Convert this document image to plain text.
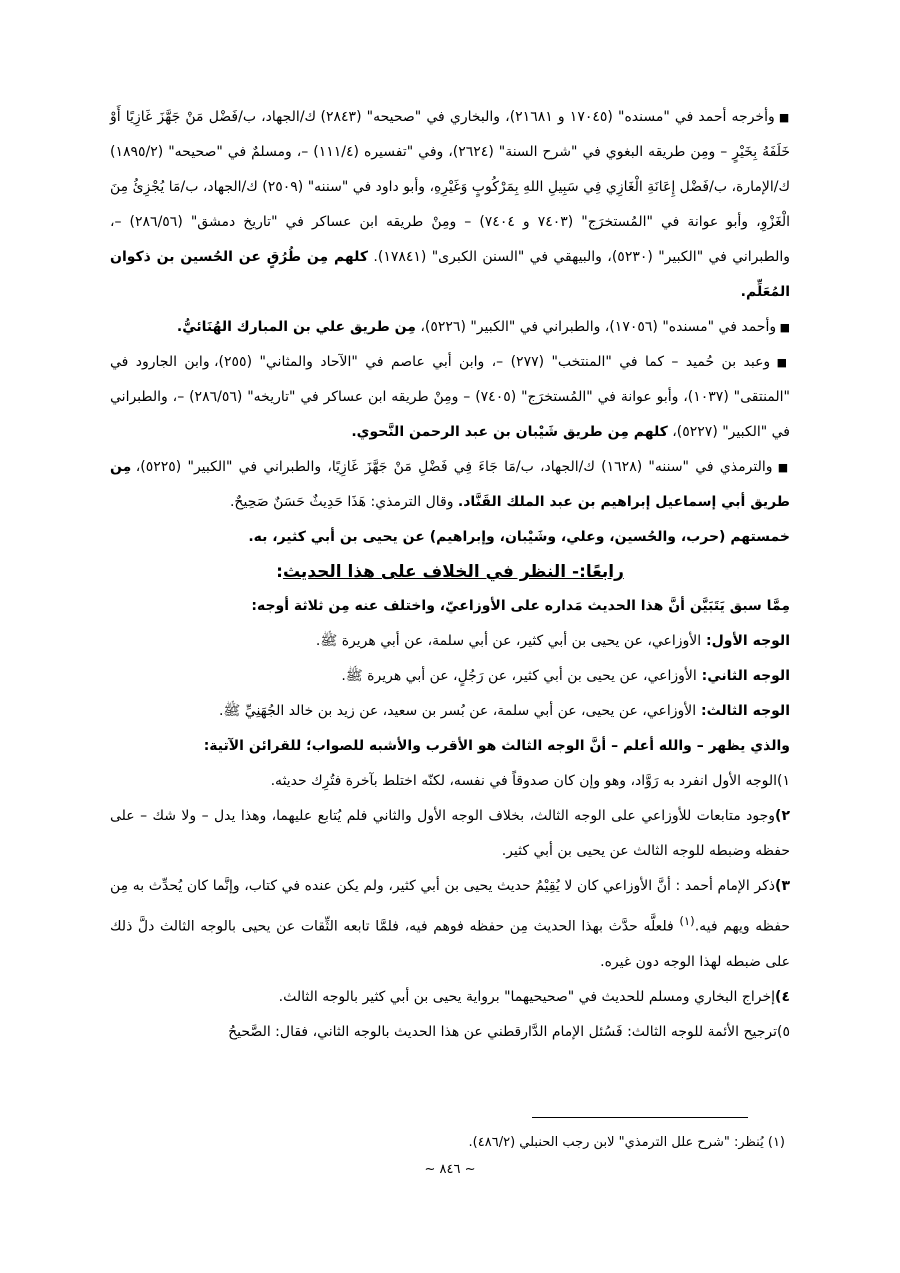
■ وأخرجه أحمد في "مسنده" (١٧٠٤٥ و ٢١٦٨١)، والبخاري في "صحيحه" (٢٨٤٣) ك/الجهاد، ب/فَضْل مَنْ جَهَّزَ غَازِيًا أَوْ خَلَفَهُ بِخَيْرٍ – ومِن طريقه البغوي في "شرح السنة" (٢٦٢٤)، وفي "تفسيره (١١١/٤) –، ومسلمٌ في "صحيحه" (١٨٩٥/٢) ك/الإمارة، ب/فَضْل إِعَانَةِ الْغَازِي فِي سَبِيلِ اللهِ بِمَرْكُوبٍ وَغَيْرِهِ، وأبو داود في "سننه" (٢٥٠٩) ك/الجهاد، ب/مَا يُجْزِئُ مِنَ الْغَزْوِ، وأبو عوانة في "المُستخرَج" (٧٤٠٣ و ٧٤٠٤) – ومِنْ طريقه ابن عساكر في "تاريخ دمشق" (٢٨٦/٥٦) –، والطبراني في "الكبير" (٥٢٣٠)، والبيهقي في "السنن الكبرى" (١٧٨٤١). كلهم مِن طُرُقٍ عن الحُسين بن ذكوان المُعَلِّم.

■ وأحمد في "مسنده" (١٧٠٥٦)، والطبراني في "الكبير" (٥٢٢٦)، مِن طريق علي بن المبارك الهُنَائيُّ.

■ وعبد بن حُميد – كما في "المنتخب" (٢٧٧) –، وابن أبي عاصم في "الآحاد والمثاني" (٢٥٥)، وابن الجارود في "المنتقى" (١٠٣٧)، وأبو عوانة في "المُستخرَج" (٧٤٠٥) – ومِنْ طريقه ابن عساكر في "تاريخه" (٢٨٦/٥٦) –، والطبراني في "الكبير" (٥٢٢٧)، كلهم مِن طريق شَيْبان بن عبد الرحمن النَّحوي.

■ والترمذي في "سننه" (١٦٢٨) ك/الجهاد، ب/مَا جَاءَ فِي فَضْلِ مَنْ جَهَّزَ غَازِيًا، والطبراني في "الكبير" (٥٢٢٥)، مِن طريق أبي إسماعيل إبراهيم بن عبد الملك القَنَّاد. وقال الترمذي: هَذَا حَدِيثٌ حَسَنٌ صَحِيحٌ.

خمستهم (حرب، والحُسين، وعلي، وشَيْبان، وإبراهيم) عن يحيى بن أبي كثير، به.

رابعًا:- النظر في الخلاف على هذا الحديث:

مِمَّا سبق يَتَبَيَّن أنَّ هذا الحديث مَداره على الأوزاعيّ، واختلف عنه مِن ثلاثة أوجه:

الوجه الأول: الأوزاعي، عن يحيى بن أبي كثير، عن أبي سلمة، عن أبي هريرة ﷺ.

الوجه الثاني: الأوزاعي، عن يحيى بن أبي كثير، عن رَجُلٍ، عن أبي هريرة ﷺ.

الوجه الثالث: الأوزاعي، عن يحيى، عن أبي سلمة، عن بُسر بن سعيد، عن زيد بن خالد الجُهَنِيِّ ﷺ.

والذي يظهر – والله أعلم – أنَّ الوجه الثالث هو الأقرب والأشبه للصواب؛ للقرائن الآتية:

١)الوجه الأول انفرد به رَوَّاد، وهو وإن كان صدوقاً في نفسه، لكنّه اختلط بآخرة فتُرِك حديثه.

٢)وجود متابعات للأوزاعي على الوجه الثالث، بخلاف الوجه الأول والثاني فلم يُتابع عليهما، وهذا يدل – ولا شك – على حفظه وضبطه للوجه الثالث عن يحيى بن أبي كثير.

٣)ذكر الإمام أحمد : أنَّ الأوزاعي كان لا يُقِيْمُ حديث يحيى بن أبي كثير، ولم يكن عنده في كتاب، وإنَّما كان يُحدِّث به مِن حفظه ويهم فيه.$^{(١)}$ فلعلَّه حدَّث بهذا الحديث مِن حفظه فوهم فيه، فلمَّا تابعه الثِّقات عن يحيى بالوجه الثالث دلَّ ذلك على ضبطه لهذا الوجه دون غيره.

٤)إخراج البخاري ومسلم للحديث في "صحيحيهما" برواية يحيى بن أبي كثير بالوجه الثالث.

٥)ترجيح الأئمة للوجه الثالث: فَسُئل الإمام الدَّارقطني عن هذا الحديث بالوجه الثاني، فقال: الصَّحيحُ

(١) يُنظر: "شرح علل الترمذي" لابن رجب الحنبلي (٤٨٦/٢).
~ ٨٤٦ ~
